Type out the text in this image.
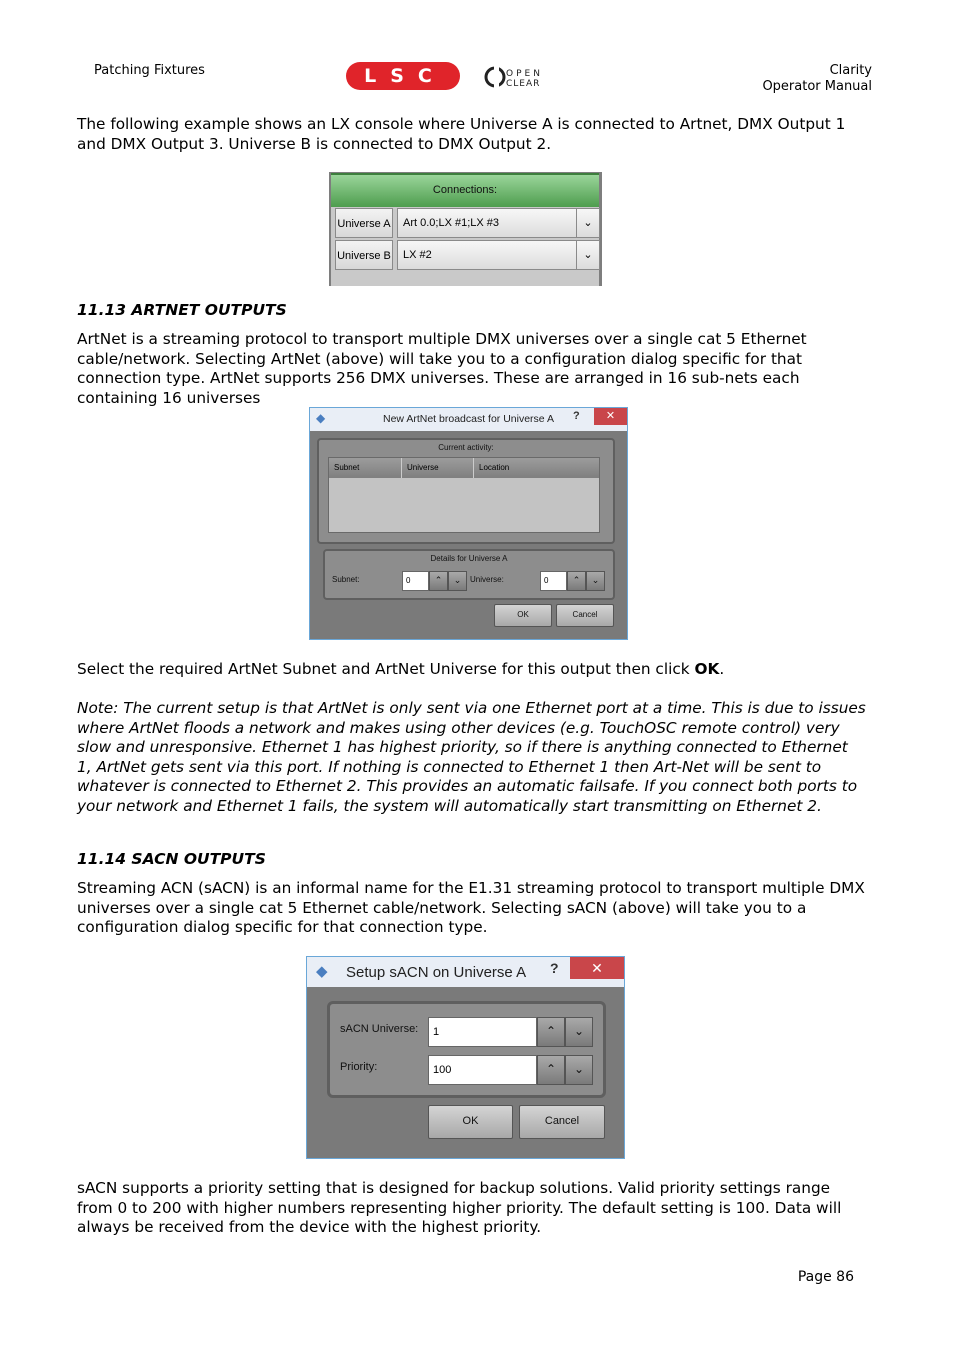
Patching Fixtures	LSC	OPEN
CLEAR
Clarity
Operator Manual
The following example shows an LX console where Universe A is connected to Artnet, DMX Output 1 and DMX Output 3. Universe B is connected to DMX Output 2.
Connections:
Universe A	Art 0.0;LX #1;LX #3	⌄
Universe B	LX #2	⌄
11.13 ARTNET OUTPUTS
ArtNet is a streaming protocol to transport multiple DMX universes over a single cat 5 Ethernet cable/network. Selecting ArtNet (above) will take you to a configuration dialog specific for that connection type. ArtNet supports 256 DMX universes. These are arranged in 16 sub-nets each containing 16 universes
◆	New ArtNet broadcast for Universe A	?	✕
Current activity:
Subnet	Universe	Location
Details for Universe A
Subnet:	0	⌃	⌄	Universe:	0	⌃	⌄
OK	Cancel
Select the required ArtNet Subnet and ArtNet Universe for this output then click OK.
Note: The current setup is that ArtNet is only sent via one Ethernet port at a time. This is due to issues where ArtNet floods a network and makes using other devices (e.g. TouchOSC remote control) very slow and unresponsive. Ethernet 1 has highest priority, so if there is anything connected to Ethernet 1, ArtNet gets sent via this port. If nothing is connected to Ethernet 1 then Art-Net will be sent to whatever is connected to Ethernet 2. This provides an automatic failsafe. If you connect both ports to your network and Ethernet 1 fails, the system will automatically start transmitting on Ethernet 2.
11.14 SACN OUTPUTS
Streaming ACN (sACN) is an informal name for the E1.31 streaming protocol to transport multiple DMX universes over a single cat 5 Ethernet cable/network. Selecting sACN (above) will take you to a configuration dialog specific for that connection type.
◆ Setup sACN on Universe A ?	✕
sACN Universe:	1	⌃	⌄
Priority:	100	⌃	⌄
OK	Cancel
sACN supports a priority setting that is designed for backup solutions. Valid priority settings range from 0 to 200 with higher numbers representing higher priority. The default setting is 100. Data will always be received from the device with the highest priority.
Page 86
